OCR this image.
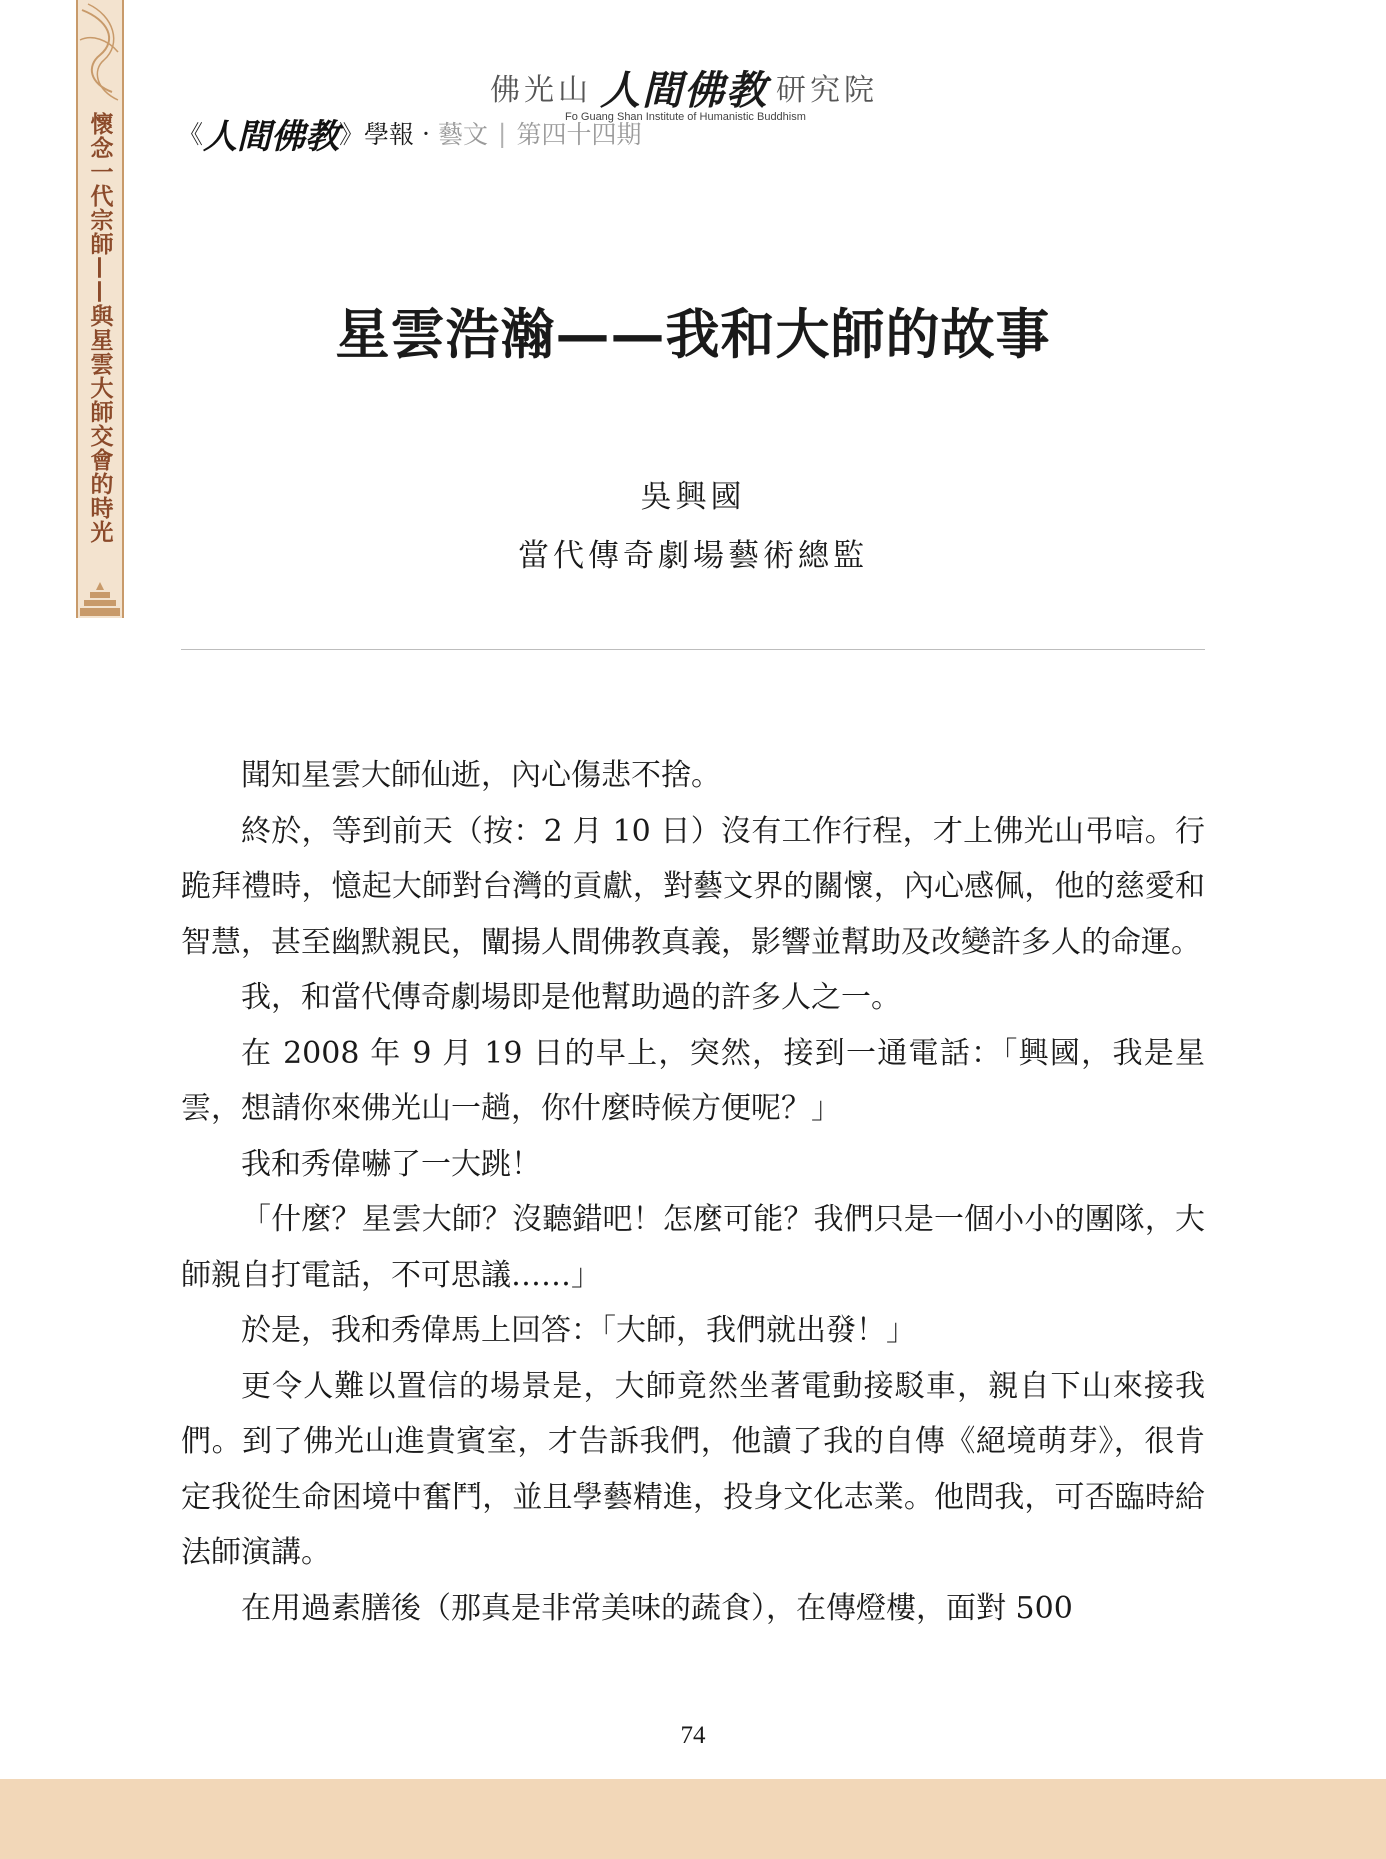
懷念一代宗師
——
與星雲大師交會的時光
佛光山 人間佛教 研究院
Fo Guang Shan Institute of Humanistic Buddhism
《 人間佛教 》學報 · 藝文 | 第四十四期
星雲浩瀚——我和大師的故事
吳興國
當代傳奇劇場藝術總監

聞知星雲大師仙逝，內心傷悲不捨。

終於，等到前天（按：2 月 10 日）沒有工作行程，才上佛光山弔唁。行跪拜禮時，憶起大師對台灣的貢獻，對藝文界的關懷，內心感佩，他的慈愛和智慧，甚至幽默親民，闡揚人間佛教真義，影響並幫助及改變許多人的命運。

我，和當代傳奇劇場即是他幫助過的許多人之一。

在 2008 年 9 月 19 日的早上，突然，接到一通電話：「興國，我是星雲，想請你來佛光山一趟，你什麼時候方便呢？」

我和秀偉嚇了一大跳！

「什麼？星雲大師？沒聽錯吧！怎麼可能？我們只是一個小小的團隊，大師親自打電話，不可思議……」

於是，我和秀偉馬上回答：「大師，我們就出發！」

更令人難以置信的場景是，大師竟然坐著電動接駁車，親自下山來接我們。到了佛光山進貴賓室，才告訴我們，他讀了我的自傳《絕境萌芽》，很肯定我從生命困境中奮鬥，並且學藝精進，投身文化志業。他問我，可否臨時給法師演講。

在用過素膳後（那真是非常美味的蔬食），在傳燈樓，面對 500

74
